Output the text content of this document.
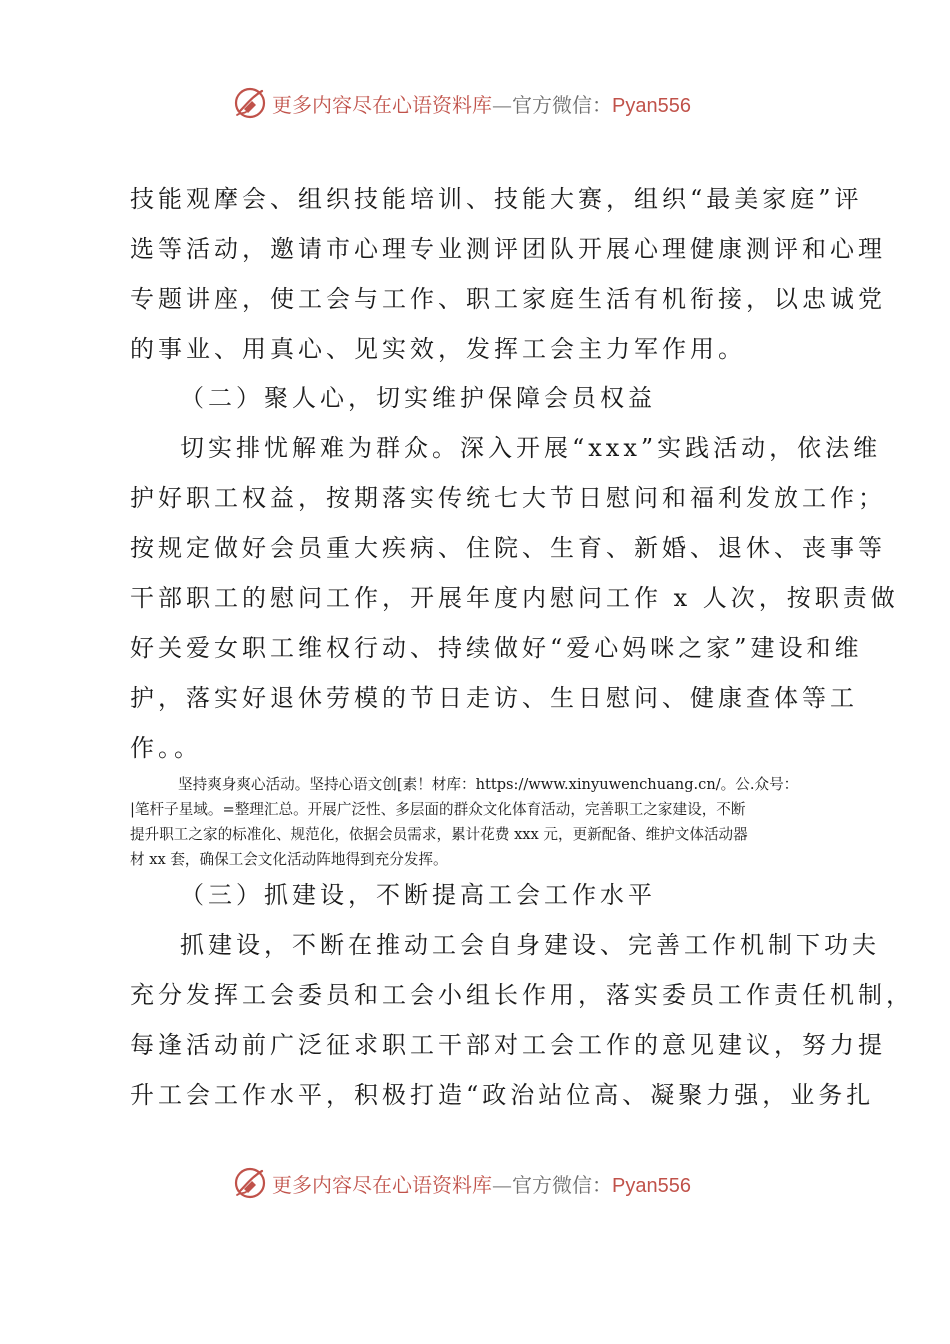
更多内容尽在心语资料库—官方微信：Pyan556
技能观摩会、组织技能培训、技能大赛，组织“最美家庭”评
选等活动，邀请市心理专业测评团队开展心理健康测评和心理
专题讲座，使工会与工作、职工家庭生活有机衔接，以忠诚党
的事业、用真心、见实效，发挥工会主力军作用。
（二）聚人心，切实维护保障会员权益
切实排忧解难为群众。深入开展“xxx”实践活动，依法维
护好职工权益，按期落实传统七大节日慰问和福利发放工作；
按规定做好会员重大疾病、住院、生育、新婚、退休、丧事等
干部职工的慰问工作，开展年度内慰问工作 x 人次，按职责做
好关爱女职工维权行动、持续做好“爱心妈咪之家”建设和维
护，落实好退休劳模的节日走访、生日慰问、健康查体等工
作。。
坚持爽身爽心活动。坚持心语文创[素！材库：https://www.xinyuwenchuang.cn/。公.众号：
|笔杆子星域。=整理汇总。开展广泛性、多层面的群众文化体育活动，完善职工之家建设，不断
提升职工之家的标准化、规范化，依据会员需求，累计花费 xxx 元，更新配备、维护文体活动器
材 xx 套，确保工会文化活动阵地得到充分发挥。
（三）抓建设，不断提高工会工作水平
抓建设，不断在推动工会自身建设、完善工作机制下功夫
充分发挥工会委员和工会小组长作用，落实委员工作责任机制，
每逢活动前广泛征求职工干部对工会工作的意见建议，努力提
升工会工作水平，积极打造“政治站位高、凝聚力强，业务扎
更多内容尽在心语资料库—官方微信：Pyan556
